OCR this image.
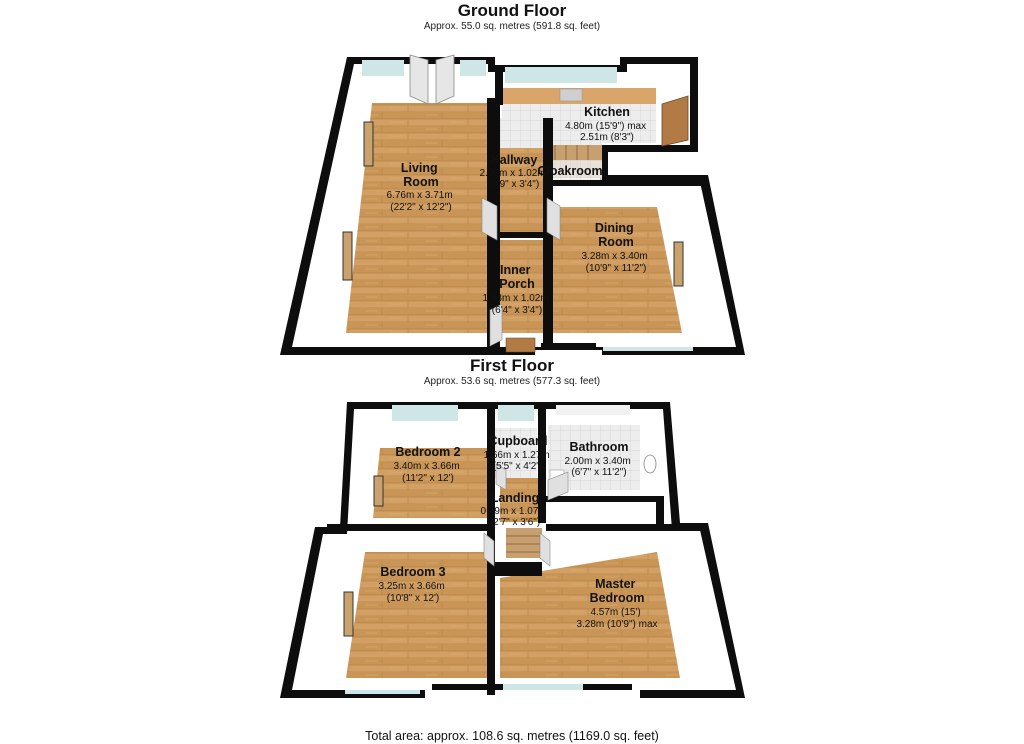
Ground Floor
Approx. 55.0 sq. metres (591.8 sq. feet)
Living Room
6.76m x 3.71m (22'2" x 12'2")
Kitchen
4.80m (15'9") max 2.51m (8'3")
Hallway
2.97m x 1.02m (9'9" x 3'4")
Cloakroom
Dining Room
3.28m x 3.40m (10'9" x 11'2")
Inner Porch
1.93m x 1.02m (6'4" x 3'4")
First Floor
Approx. 53.6 sq. metres (577.3 sq. feet)
Bedroom 2
3.40m x 3.66m (11'2" x 12')
Cupboard
1.66m x 1.27m (5'5" x 4'2")
Bathroom
2.00m x 3.40m (6'7" x 11'2")
Landing
0.79m x 1.07m (2'7" x 3'6")
Bedroom 3
3.25m x 3.66m (10'8" x 12')
Master Bedroom
4.57m (15') 3.28m (10'9") max
Total area: approx. 108.6 sq. metres (1169.0 sq. feet)
